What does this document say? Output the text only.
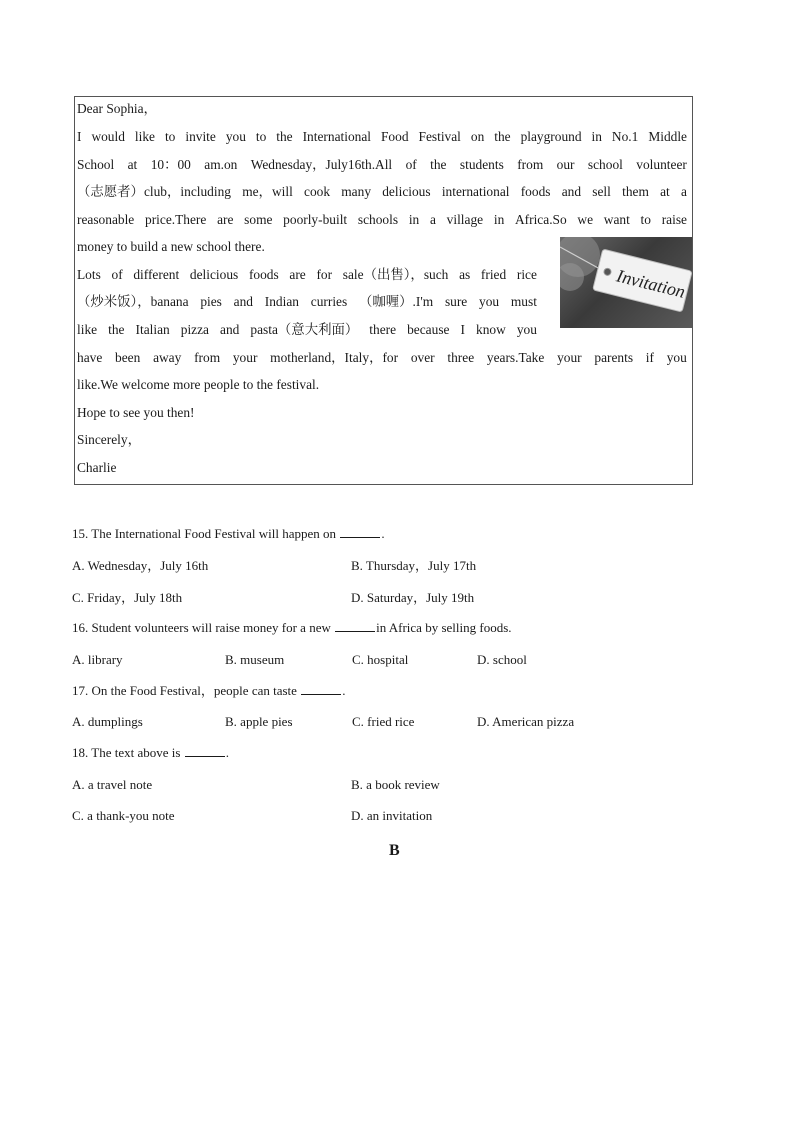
Dear Sophia，
I would like to invite you to the International Food Festival on the playground in No.1 Middle
School at 10：00 am.on Wednesday，July16th.All of the students from our school volunteer
（志愿者）club，including me，will cook many delicious international foods and sell them at a
reasonable price.There are some poorly-built schools in a village in Africa.So we want to raise
money to build a new school there.
Lots of different delicious foods are for sale（出售），such as fried rice
（炒米饭），banana pies and Indian curries （咖喱）.I'm sure you must
like the Italian pizza and pasta（意大利面） there because I know you
have been away from your motherland，Italy，for over three years.Take your parents if you
like.We welcome more people to the festival.
Hope to see you then!
Sincerely，
Charlie
Invitation
15. The International Food Festival will happen on	.
A. Wednesday，July 16th	B. Thursday，July 17th
C. Friday，July 18th	D. Saturday，July 19th
16. Student volunteers will raise money for a new	in Africa by selling foods.
A. library	B. museum	C. hospital	D. school
17. On the Food Festival，people can taste	.
A. dumplings	B. apple pies	C. fried rice	D. American pizza
18. The text above is	.
A. a travel note	B. a book review
C. a thank-you note	D. an invitation
B
